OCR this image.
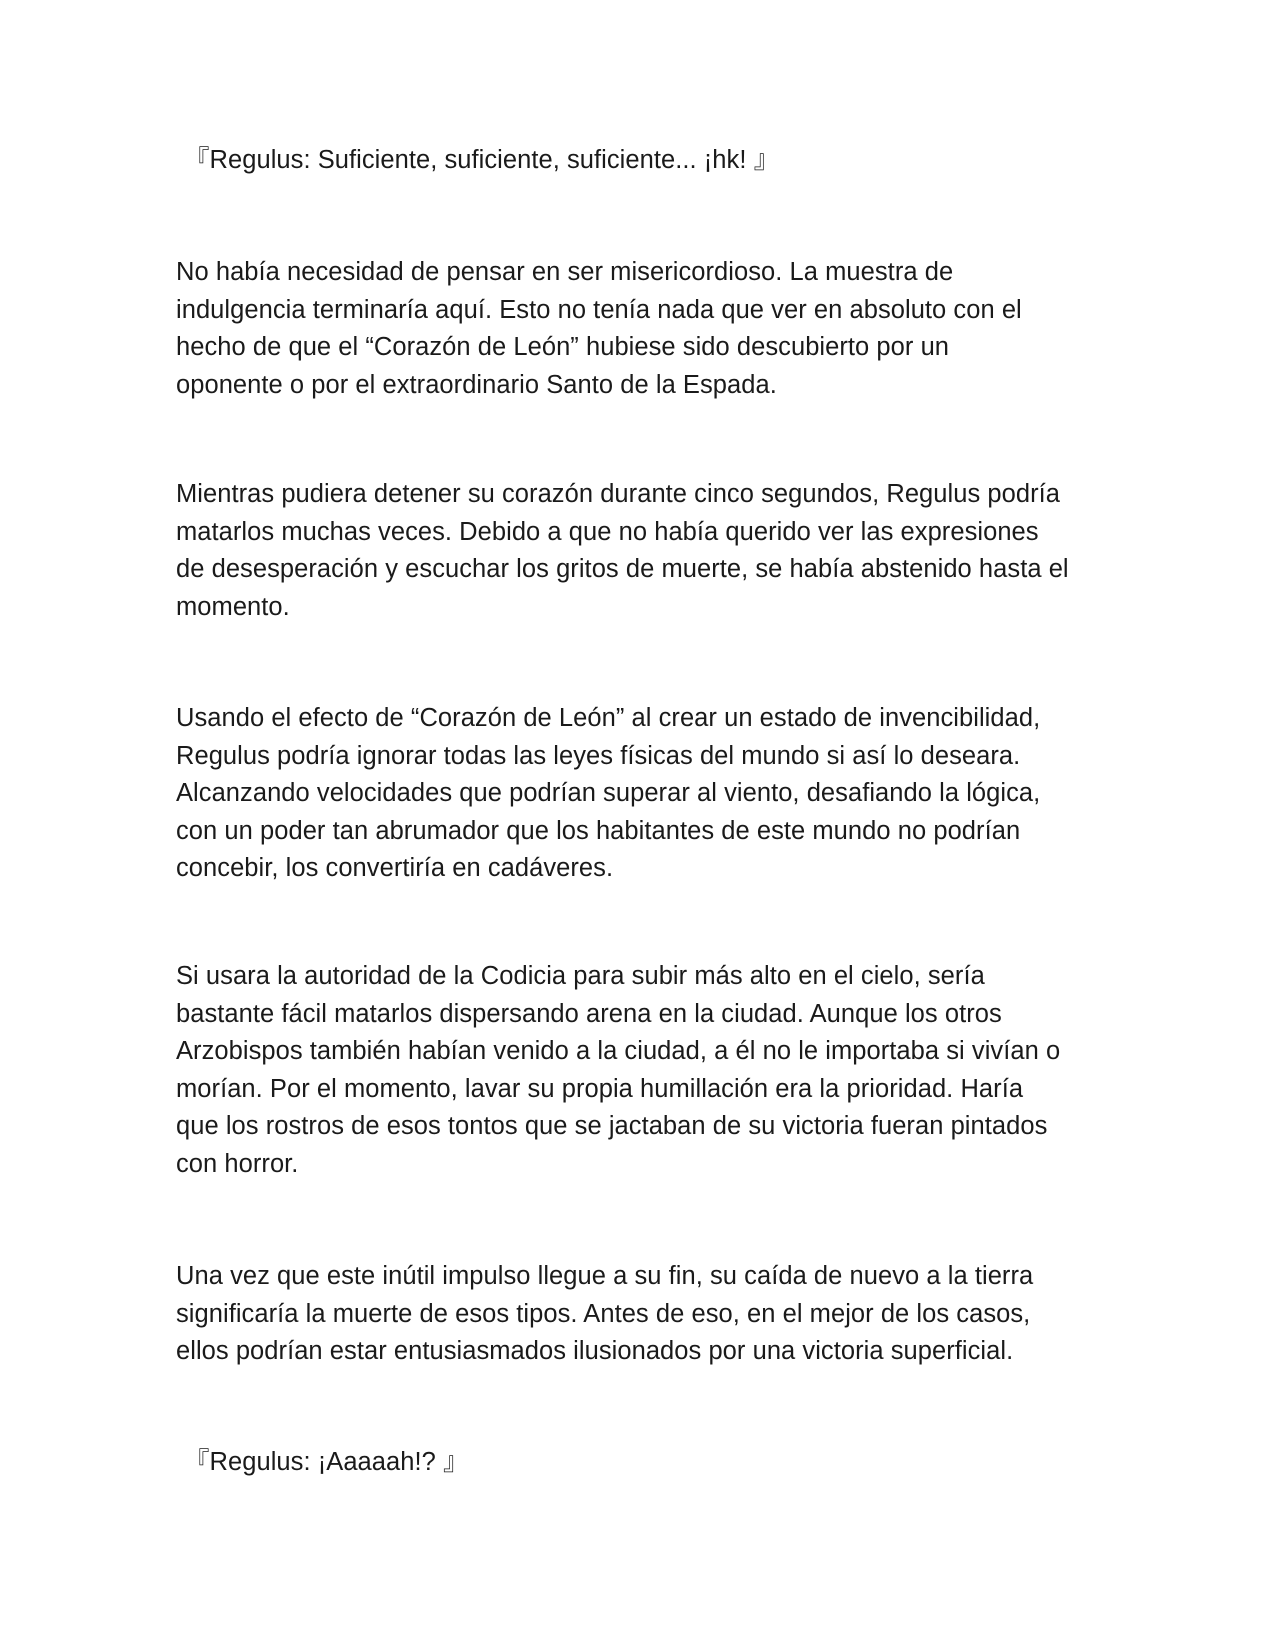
『Regulus: Suficiente, suficiente, suficiente... ¡hk! 』
No había necesidad de pensar en ser misericordioso. La muestra de
indulgencia terminaría aquí. Esto no tenía nada que ver en absoluto con el
hecho de que el “Corazón de León” hubiese sido descubierto por un
oponente o por el extraordinario Santo de la Espada.
Mientras pudiera detener su corazón durante cinco segundos, Regulus podría
matarlos muchas veces. Debido a que no había querido ver las expresiones
de desesperación y escuchar los gritos de muerte, se había abstenido hasta el
momento.
Usando el efecto de “Corazón de León” al crear un estado de invencibilidad,
Regulus podría ignorar todas las leyes físicas del mundo si así lo deseara.
Alcanzando velocidades que podrían superar al viento, desafiando la lógica,
con un poder tan abrumador que los habitantes de este mundo no podrían
concebir, los convertiría en cadáveres.
Si usara la autoridad de la Codicia para subir más alto en el cielo, sería
bastante fácil matarlos dispersando arena en la ciudad. Aunque los otros
Arzobispos también habían venido a la ciudad, a él no le importaba si vivían o
morían. Por el momento, lavar su propia humillación era la prioridad. Haría
que los rostros de esos tontos que se jactaban de su victoria fueran pintados
con horror.
Una vez que este inútil impulso llegue a su fin, su caída de nuevo a la tierra
significaría la muerte de esos tipos. Antes de eso, en el mejor de los casos,
ellos podrían estar entusiasmados ilusionados por una victoria superficial.
『Regulus: ¡Aaaaah!? 』
